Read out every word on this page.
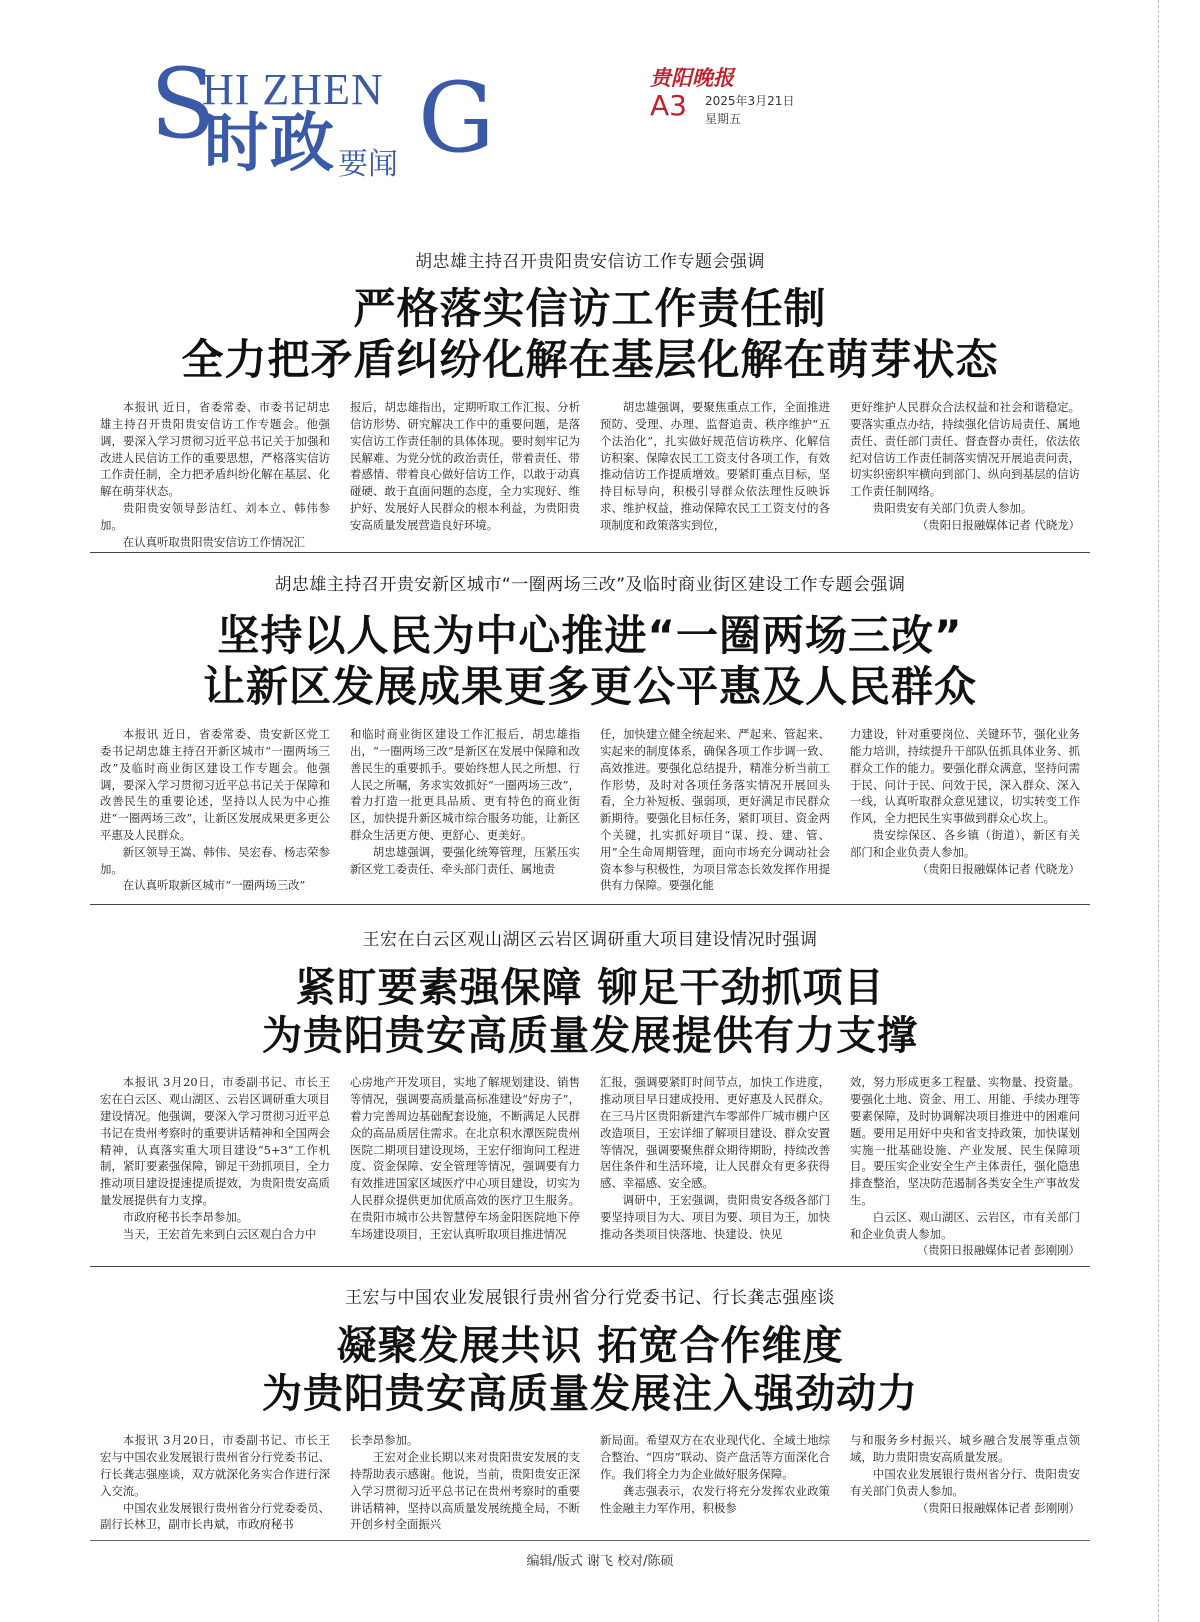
S
HI ZHEN G
时政 要闻
贵阳晚报
A3 2025年3月21日
星期五
胡忠雄主持召开贵阳贵安信访工作专题会强调
严格落实信访工作责任制
全力把矛盾纠纷化解在基层化解在萌芽状态

本报讯 近日，省委常委、市委书记胡忠雄主持召开贵阳贵安信访工作专题会。他强调，要深入学习贯彻习近平总书记关于加强和改进人民信访工作的重要思想，严格落实信访工作责任制，全力把矛盾纠纷化解在基层、化解在萌芽状态。

贵阳贵安领导彭洁红、刘本立、韩伟参加。

在认真听取贵阳贵安信访工作情况汇

报后，胡忠雄指出，定期听取工作汇报、分析信访形势、研究解决工作中的重要问题，是落实信访工作责任制的具体体现。要时刻牢记为民解难、为党分忧的政治责任，带着责任、带着感情、带着良心做好信访工作，以敢于动真碰硬、敢于直面问题的态度，全力实现好、维护好、发展好人民群众的根本利益，为贵阳贵安高质量发展营造良好环境。

胡忠雄强调，要聚焦重点工作，全面推进预防、受理、办理、监督追责、秩序维护“五个法治化”，扎实做好规范信访秩序、化解信访积案、保障农民工工资支付各项工作，有效推动信访工作提质增效。要紧盯重点目标，坚持目标导向，积极引导群众依法理性反映诉求、维护权益，推动保障农民工工资支付的各项制度和政策落实到位，

更好维护人民群众合法权益和社会和谐稳定。要落实重点办结，持续强化信访局责任、属地责任、责任部门责任、督查督办责任，依法依纪对信访工作责任制落实情况开展追责问责，切实织密织牢横向到部门、纵向到基层的信访工作责任制网络。

贵阳贵安有关部门负责人参加。

（贵阳日报融媒体记者 代晓龙）

胡忠雄主持召开贵安新区城市“一圈两场三改”及临时商业街区建设工作专题会强调
坚持以人民为中心推进“一圈两场三改”
让新区发展成果更多更公平惠及人民群众

本报讯 近日，省委常委、贵安新区党工委书记胡忠雄主持召开新区城市“一圈两场三改”及临时商业街区建设工作专题会。他强调，要深入学习贯彻习近平总书记关于保障和改善民生的重要论述，坚持以人民为中心推进“一圈两场三改”，让新区发展成果更多更公平惠及人民群众。

新区领导王嵩、韩伟、吴宏春、杨志荣参加。

在认真听取新区城市“一圈两场三改”

和临时商业街区建设工作汇报后，胡忠雄指出，“一圈两场三改”是新区在发展中保障和改善民生的重要抓手。要始终想人民之所想、行人民之所嘱，务求实效抓好“一圈两场三改”，着力打造一批更具品质、更有特色的商业街区，加快提升新区城市综合服务功能，让新区群众生活更方便、更舒心、更美好。

胡忠雄强调，要强化统筹管理，压紧压实新区党工委责任、牵头部门责任、属地责

任，加快建立健全统起来、严起来、管起来、实起来的制度体系，确保各项工作步调一致、高效推进。要强化总结提升，精准分析当前工作形势，及时对各项任务落实情况开展回头看，全力补短板、强弱项，更好满足市民群众新期待。要强化目标任务，紧盯项目、资金两个关键，扎实抓好项目“谋、投、建、管、用”全生命周期管理，面向市场充分调动社会资本参与积极性，为项目常态长效发挥作用提供有力保障。要强化能

力建设，针对重要岗位、关键环节，强化业务能力培训，持续提升干部队伍抓具体业务、抓群众工作的能力。要强化群众满意，坚持问需于民、问计于民、问效于民，深入群众、深入一线，认真听取群众意见建议，切实转变工作作风，全力把民生实事做到群众心坎上。

贵安综保区、各乡镇（街道），新区有关部门和企业负责人参加。

（贵阳日报融媒体记者 代晓龙）

王宏在白云区观山湖区云岩区调研重大项目建设情况时强调
紧盯要素强保障 铆足干劲抓项目
为贵阳贵安高质量发展提供有力支撑

本报讯 3月20日，市委副书记、市长王宏在白云区、观山湖区、云岩区调研重大项目建设情况。他强调，要深入学习贯彻习近平总书记在贵州考察时的重要讲话精神和全国两会精神，认真落实重大项目建设“5+3”工作机制，紧盯要素强保障，铆足干劲抓项目，全力推动项目建设提速提质提效，为贵阳贵安高质量发展提供有力支撑。

市政府秘书长李昂参加。

当天，王宏首先来到白云区观白合力中

心房地产开发项目，实地了解规划建设、销售等情况，强调要高质量高标准建设“好房子”，着力完善周边基础配套设施，不断满足人民群众的高品质居住需求。在北京积水潭医院贵州医院二期项目建设现场，王宏仔细询问工程进度、资金保障、安全管理等情况，强调要有力有效推进国家区域医疗中心项目建设，切实为人民群众提供更加优质高效的医疗卫生服务。在贵阳市城市公共智慧停车场金阳医院地下停车场建设项目，王宏认真听取项目推进情况

汇报，强调要紧盯时间节点，加快工作进度，推动项目早日建成投用、更好惠及人民群众。在三马片区贵阳新建汽车零部件厂城市棚户区改造项目，王宏详细了解项目建设、群众安置等情况，强调要聚焦群众期待期盼，持续改善居住条件和生活环境，让人民群众有更多获得感、幸福感、安全感。

调研中，王宏强调，贵阳贵安各级各部门要坚持项目为大、项目为要、项目为王，加快推动各类项目快落地、快建设、快见

效，努力形成更多工程量、实物量、投资量。要强化土地、资金、用工、用能、手续办理等要素保障，及时协调解决项目推进中的困难问题。要用足用好中央和省支持政策，加快谋划实施一批基础设施、产业发展、民生保障项目。要压实企业安全生产主体责任，强化隐患排查整治，坚决防范遏制各类安全生产事故发生。

白云区、观山湖区、云岩区，市有关部门和企业负责人参加。

（贵阳日报融媒体记者 彭刚刚）

王宏与中国农业发展银行贵州省分行党委书记、行长龚志强座谈
凝聚发展共识 拓宽合作维度
为贵阳贵安高质量发展注入强劲动力

本报讯 3月20日，市委副书记、市长王宏与中国农业发展银行贵州省分行党委书记、行长龚志强座谈，双方就深化务实合作进行深入交流。

中国农业发展银行贵州省分行党委委员、副行长林卫，副市长冉斌，市政府秘书

长李昂参加。

王宏对企业长期以来对贵阳贵安发展的支持帮助表示感谢。他说，当前，贵阳贵安正深入学习贯彻习近平总书记在贵州考察时的重要讲话精神，坚持以高质量发展统揽全局，不断开创乡村全面振兴

新局面。希望双方在农业现代化、全域土地综合整治、“四房”联动、资产盘活等方面深化合作。我们将全力为企业做好服务保障。

龚志强表示，农发行将充分发挥农业政策性金融主力军作用，积极参

与和服务乡村振兴、城乡融合发展等重点领域，助力贵阳贵安高质量发展。

中国农业发展银行贵州省分行、贵阳贵安有关部门负责人参加。

（贵阳日报融媒体记者 彭刚刚）

编辑/版式 谢飞 校对/陈硕
